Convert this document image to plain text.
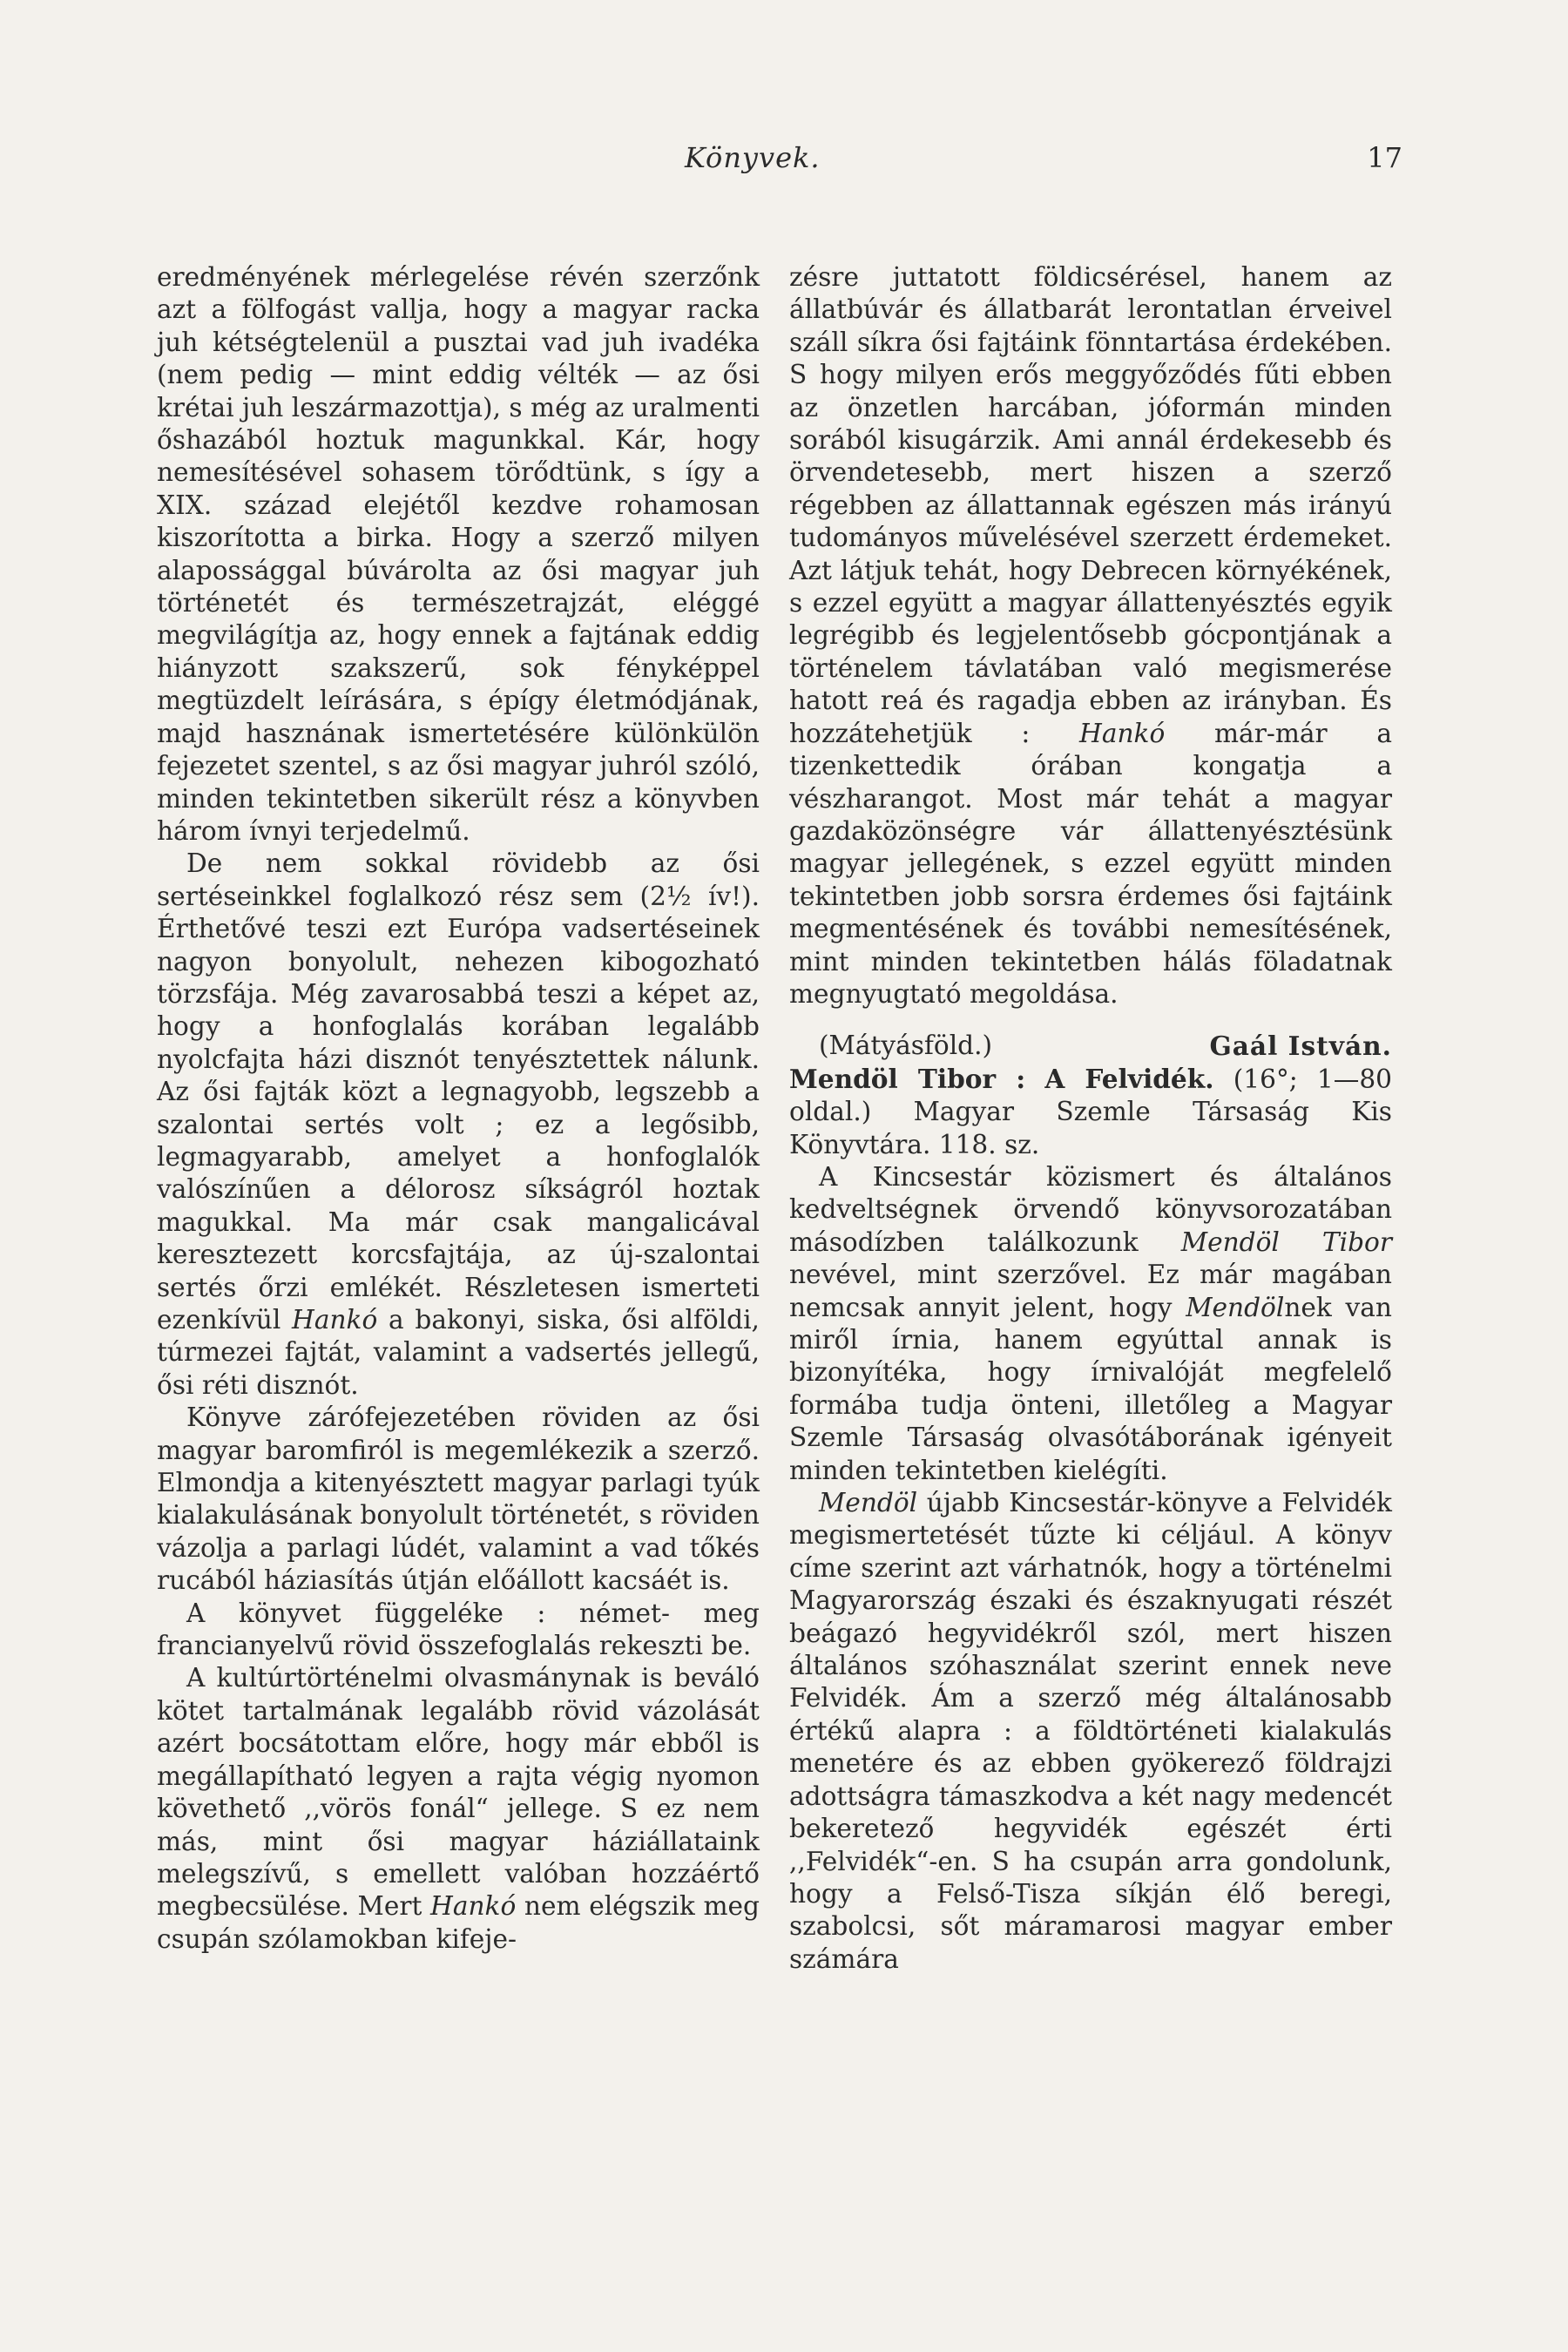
Könyvek.	17

eredményének mérlegelése révén szerzőnk azt a fölfogást vallja, hogy a magyar racka juh kétségtelenül a pusztai vad juh ivadéka (nem pedig — mint eddig vélték — az ősi krétai juh leszármazottja), s még az uralmenti őshazából hoztuk magunkkal. Kár, hogy nemesítésével sohasem törődtünk, s így a XIX. század elejétől kezdve rohamosan kiszorította a birka. Hogy a szerző milyen alapossággal búvárolta az ősi magyar juh történetét és természetrajzát, eléggé megvilágítja az, hogy ennek a fajtának eddig hiányzott szakszerű, sok fényképpel megtüzdelt leírására, s épígy életmódjának, majd hasznának ismertetésére különkülön fejezetet szentel, s az ősi magyar juhról szóló, minden tekintetben sikerült rész a könyvben három ívnyi terjedelmű.

De nem sokkal rövidebb az ősi sertéseinkkel foglalkozó rész sem (2½ ív!). Érthetővé teszi ezt Európa vadsertéseinek nagyon bonyolult, nehezen kibogozható törzsfája. Még zavarosabbá teszi a képet az, hogy a honfoglalás korában legalább nyolcfajta házi disznót tenyésztettek nálunk. Az ősi fajták közt a legnagyobb, legszebb a szalontai sertés volt ; ez a legősibb, legmagyarabb, amelyet a honfoglalók valószínűen a délorosz síkságról hoztak magukkal. Ma már csak mangalicával keresztezett korcsfajtája, az új-szalontai sertés őrzi emlékét. Részletesen ismerteti ezenkívül Hankó a bakonyi, siska, ősi alföldi, túrmezei fajtát, valamint a vadsertés jellegű, ősi réti disznót.

Könyve zárófejezetében röviden az ősi magyar baromfiról is megemlékezik a szerző. Elmondja a kitenyésztett magyar parlagi tyúk kialakulásának bonyolult történetét, s röviden vázolja a parlagi lúdét, valamint a vad tőkés rucából háziasítás útján előállott kacsáét is.

A könyvet függeléke : német- meg francianyelvű rövid összefoglalás rekeszti be.

A kultúrtörténelmi olvasmánynak is beváló kötet tartalmának legalább rövid vázolását azért bocsátottam előre, hogy már ebből is megállapítható legyen a rajta végig nyomon követhető ,,vörös fonál“ jellege. S ez nem más, mint ősi magyar háziállataink melegszívű, s emellett valóban hozzáértő megbecsülése. Mert Hankó nem elégszik meg csupán szólamokban kifeje-

zésre juttatott földicsérésel, hanem az állatbúvár és állatbarát lerontatlan érveivel száll síkra ősi fajtáink fönntartása érdekében. S hogy milyen erős meggyőződés fűti ebben az önzetlen harcában, jóformán minden sorából kisugárzik. Ami annál érdekesebb és örvendetesebb, mert hiszen a szerző régebben az állattannak egészen más irányú tudományos művelésével szerzett érdemeket. Azt látjuk tehát, hogy Debrecen környékének, s ezzel együtt a magyar állattenyésztés egyik legrégibb és legjelentősebb gócpontjának a történelem távlatában való megismerése hatott reá és ragadja ebben az irányban. És hozzátehetjük : Hankó már-már a tizenkettedik órában kongatja a vészharangot. Most már tehát a magyar gazdaközönségre vár állattenyésztésünk magyar jellegének, s ezzel együtt minden tekintetben jobb sorsra érdemes ősi fajtáink megmentésének és további nemesítésének, mint minden tekintetben hálás föladatnak megnyugtató megoldása.

(Mátyásföld.)	Gaál István.

Mendöl Tibor : A Felvidék. (16°; 1—80 oldal.) Magyar Szemle Társaság Kis Könyvtára. 118. sz.

A Kincsestár közismert és általános kedveltségnek örvendő könyvsorozatában másodízben találkozunk Mendöl Tibor nevével, mint szerzővel. Ez már magában nemcsak annyit jelent, hogy Mendölnek van miről írnia, hanem egyúttal annak is bizonyítéka, hogy írnivalóját megfelelő formába tudja önteni, illetőleg a Magyar Szemle Társaság olvasótáborának igényeit minden tekintetben kielégíti.

Mendöl újabb Kincsestár-könyve a Felvidék megismertetését tűzte ki céljául. A könyv címe szerint azt várhatnók, hogy a történelmi Magyarország északi és északnyugati részét beágazó hegyvidékről szól, mert hiszen általános szóhasználat szerint ennek neve Felvidék. Ám a szerző még általánosabb értékű alapra : a földtörténeti kialakulás menetére és az ebben gyökerező földrajzi adottságra támaszkodva a két nagy medencét bekeretező hegyvidék egészét érti ,,Felvidék“-en. S ha csupán arra gondolunk, hogy a Felső-Tisza síkján élő beregi, szabolcsi, sőt máramarosi magyar ember számára
